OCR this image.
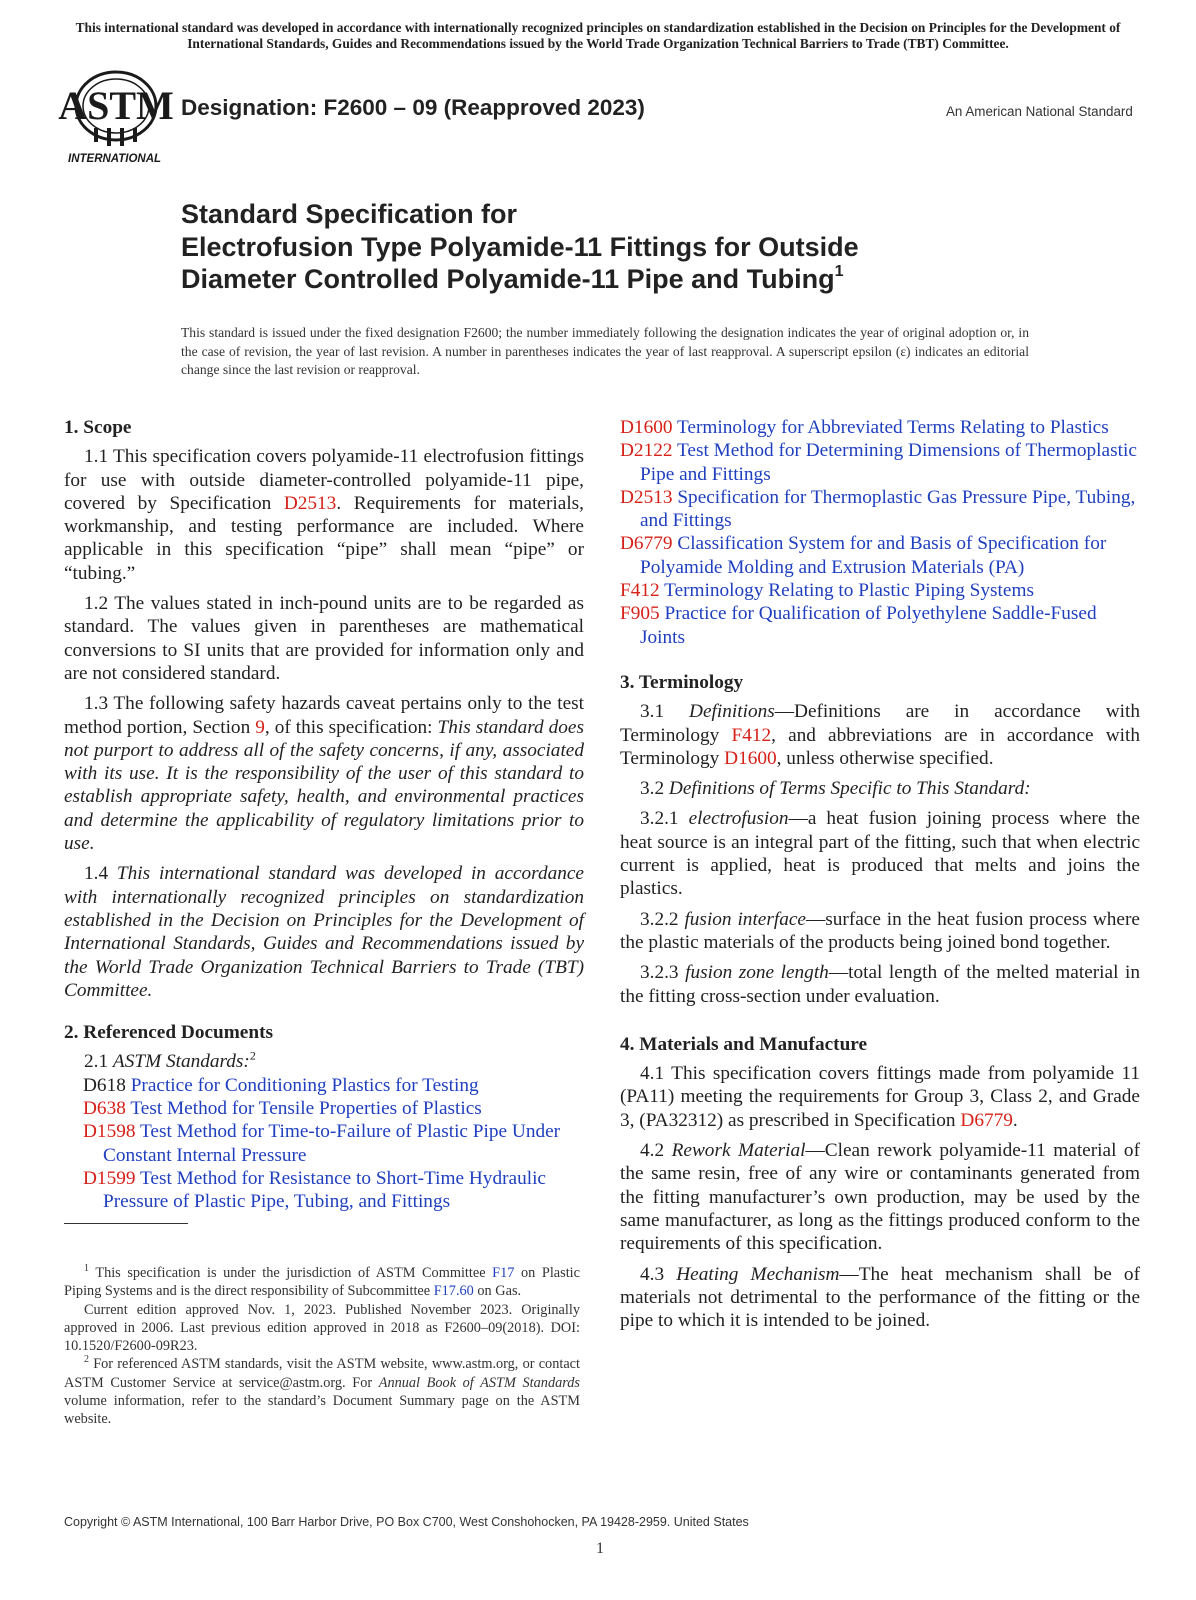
This international standard was developed in accordance with internationally recognized principles on standardization established in the Decision on Principles for the Development of International Standards, Guides and Recommendations issued by the World Trade Organization Technical Barriers to Trade (TBT) Committee.
ASTM
INTERNATIONAL
Designation: F2600 – 09 (Reapproved 2023)	An American National Standard
Standard Specification for
Electrofusion Type Polyamide-11 Fittings for Outside
Diameter Controlled Polyamide-11 Pipe and Tubing$^1$
This standard is issued under the fixed designation F2600; the number immediately following the designation indicates the year of original adoption or, in the case of revision, the year of last revision. A number in parentheses indicates the year of last reapproval. A superscript epsilon (ε) indicates an editorial change since the last revision or reapproval.
1. Scope

1.1 This specification covers polyamide-11 electrofusion fittings for use with outside diameter-controlled polyamide-11 pipe, covered by Specification D2513. Requirements for materials, workmanship, and testing performance are included. Where applicable in this specification “pipe” shall mean “pipe” or “tubing.”

1.2 The values stated in inch-pound units are to be regarded as standard. The values given in parentheses are mathematical conversions to SI units that are provided for information only and are not considered standard.

1.3 The following safety hazards caveat pertains only to the test method portion, Section 9, of this specification: This standard does not purport to address all of the safety concerns, if any, associated with its use. It is the responsibility of the user of this standard to establish appropriate safety, health, and environmental practices and determine the applicability of regulatory limitations prior to use.

1.4 This international standard was developed in accordance with internationally recognized principles on standardization established in the Decision on Principles for the Development of International Standards, Guides and Recommendations issued by the World Trade Organization Technical Barriers to Trade (TBT) Committee.

2. Referenced Documents

2.1 ASTM Standards:$^2$

D618 Practice for Conditioning Plastics for Testing

D638 Test Method for Tensile Properties of Plastics

D1598 Test Method for Time-to-Failure of Plastic Pipe Under Constant Internal Pressure

D1599 Test Method for Resistance to Short-Time Hydraulic Pressure of Plastic Pipe, Tubing, and Fittings

$^1$ This specification is under the jurisdiction of ASTM Committee F17 on Plastic Piping Systems and is the direct responsibility of Subcommittee F17.60 on Gas.

Current edition approved Nov. 1, 2023. Published November 2023. Originally approved in 2006. Last previous edition approved in 2018 as F2600–09(2018). DOI: 10.1520/F2600-09R23.

$^2$ For referenced ASTM standards, visit the ASTM website, www.astm.org, or contact ASTM Customer Service at service@astm.org. For Annual Book of ASTM Standards volume information, refer to the standard’s Document Summary page on the ASTM website.

D1600 Terminology for Abbreviated Terms Relating to Plastics

D2122 Test Method for Determining Dimensions of Thermoplastic Pipe and Fittings

D2513 Specification for Thermoplastic Gas Pressure Pipe, Tubing, and Fittings

D6779 Classification System for and Basis of Specification for Polyamide Molding and Extrusion Materials (PA)

F412 Terminology Relating to Plastic Piping Systems

F905 Practice for Qualification of Polyethylene Saddle-Fused Joints

3. Terminology

3.1 Definitions—Definitions are in accordance with Terminology F412, and abbreviations are in accordance with Terminology D1600, unless otherwise specified.

3.2 Definitions of Terms Specific to This Standard:

3.2.1 electrofusion—a heat fusion joining process where the heat source is an integral part of the fitting, such that when electric current is applied, heat is produced that melts and joins the plastics.

3.2.2 fusion interface—surface in the heat fusion process where the plastic materials of the products being joined bond together.

3.2.3 fusion zone length—total length of the melted material in the fitting cross-section under evaluation.

4. Materials and Manufacture

4.1 This specification covers fittings made from polyamide 11 (PA11) meeting the requirements for Group 3, Class 2, and Grade 3, (PA32312) as prescribed in Specification D6779.

4.2 Rework Material—Clean rework polyamide-11 material of the same resin, free of any wire or contaminants generated from the fitting manufacturer’s own production, may be used by the same manufacturer, as long as the fittings produced conform to the requirements of this specification.

4.3 Heating Mechanism—The heat mechanism shall be of materials not detrimental to the performance of the fitting or the pipe to which it is intended to be joined.

Copyright © ASTM International, 100 Barr Harbor Drive, PO Box C700, West Conshohocken, PA 19428-2959. United States
1
